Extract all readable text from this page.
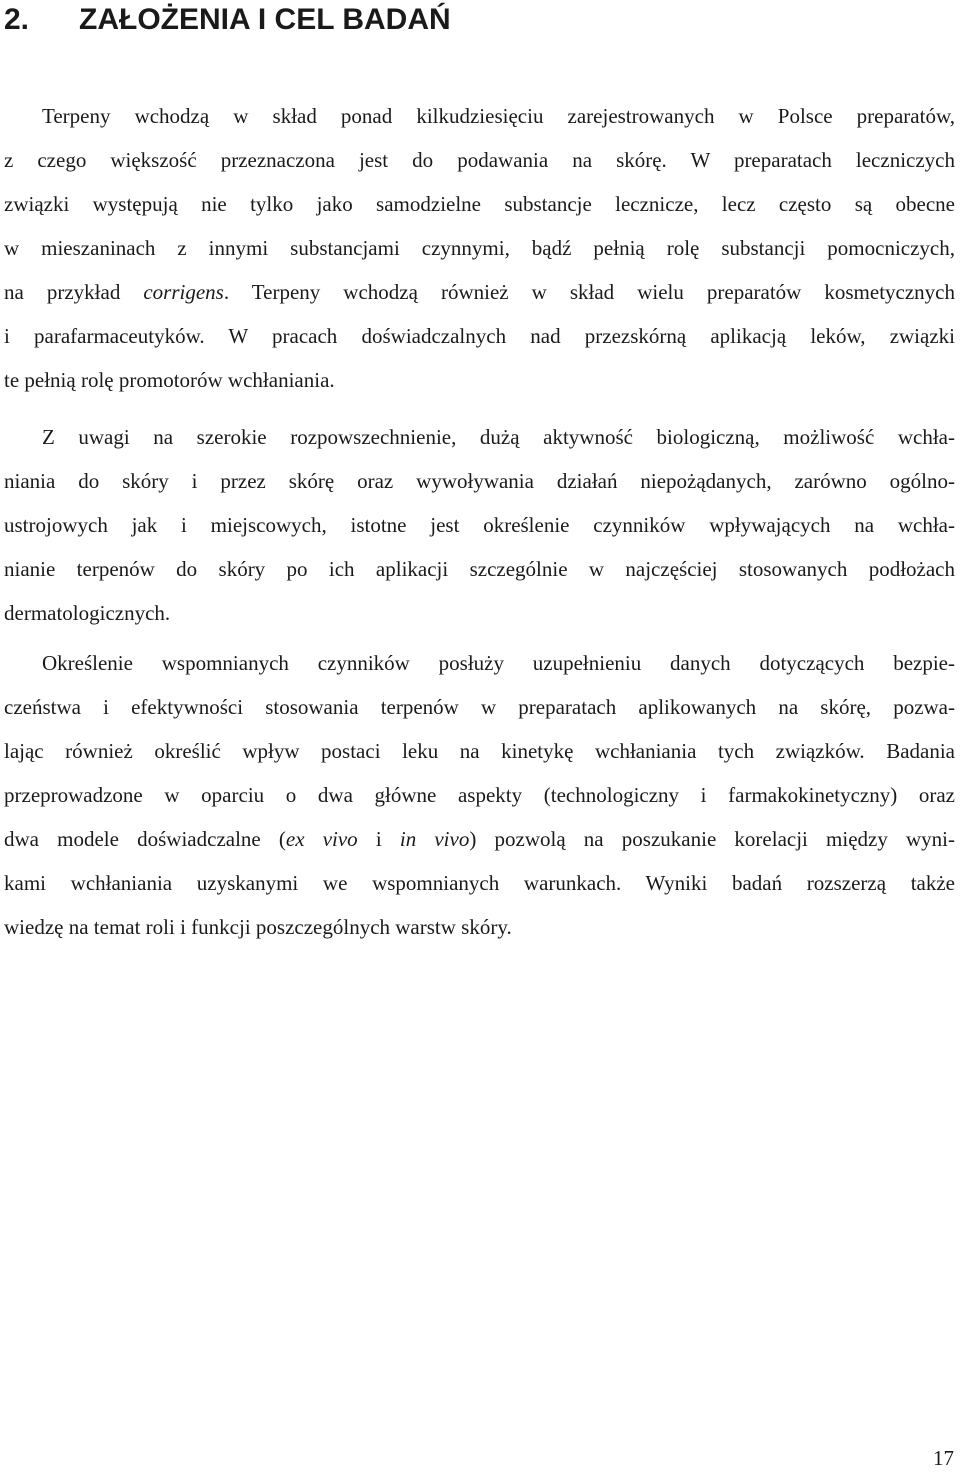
2. ZAŁOŻENIA I CEL BADAŃ
Terpeny wchodzą w skład ponad kilkudziesięciu zarejestrowanych w Polsce preparatów,
z czego większość przeznaczona jest do podawania na skórę. W preparatach leczniczych
związki występują nie tylko jako samodzielne substancje lecznicze, lecz często są obecne
w mieszaninach z innymi substancjami czynnymi, bądź pełnią rolę substancji pomocniczych,
na przykład corrigens. Terpeny wchodzą również w skład wielu preparatów kosmetycznych
i parafarmaceutyków. W pracach doświadczalnych nad przezskórną aplikacją leków, związki
te pełnią rolę promotorów wchłaniania.
Z uwagi na szerokie rozpowszechnienie, dużą aktywność biologiczną, możliwość wchła-
niania do skóry i przez skórę oraz wywoływania działań niepożądanych, zarówno ogólno-
ustrojowych jak i miejscowych, istotne jest określenie czynników wpływających na wchła-
nianie terpenów do skóry po ich aplikacji szczególnie w najczęściej stosowanych podłożach
dermatologicznych.
Określenie wspomnianych czynników posłuży uzupełnieniu danych dotyczących bezpie-
czeństwa i efektywności stosowania terpenów w preparatach aplikowanych na skórę, pozwa-
lając również określić wpływ postaci leku na kinetykę wchłaniania tych związków. Badania
przeprowadzone w oparciu o dwa główne aspekty (technologiczny i farmakokinetyczny) oraz
dwa modele doświadczalne (ex vivo i in vivo) pozwolą na poszukanie korelacji między wyni-
kami wchłaniania uzyskanymi we wspomnianych warunkach. Wyniki badań rozszerzą także
wiedzę na temat roli i funkcji poszczególnych warstw skóry.
17
